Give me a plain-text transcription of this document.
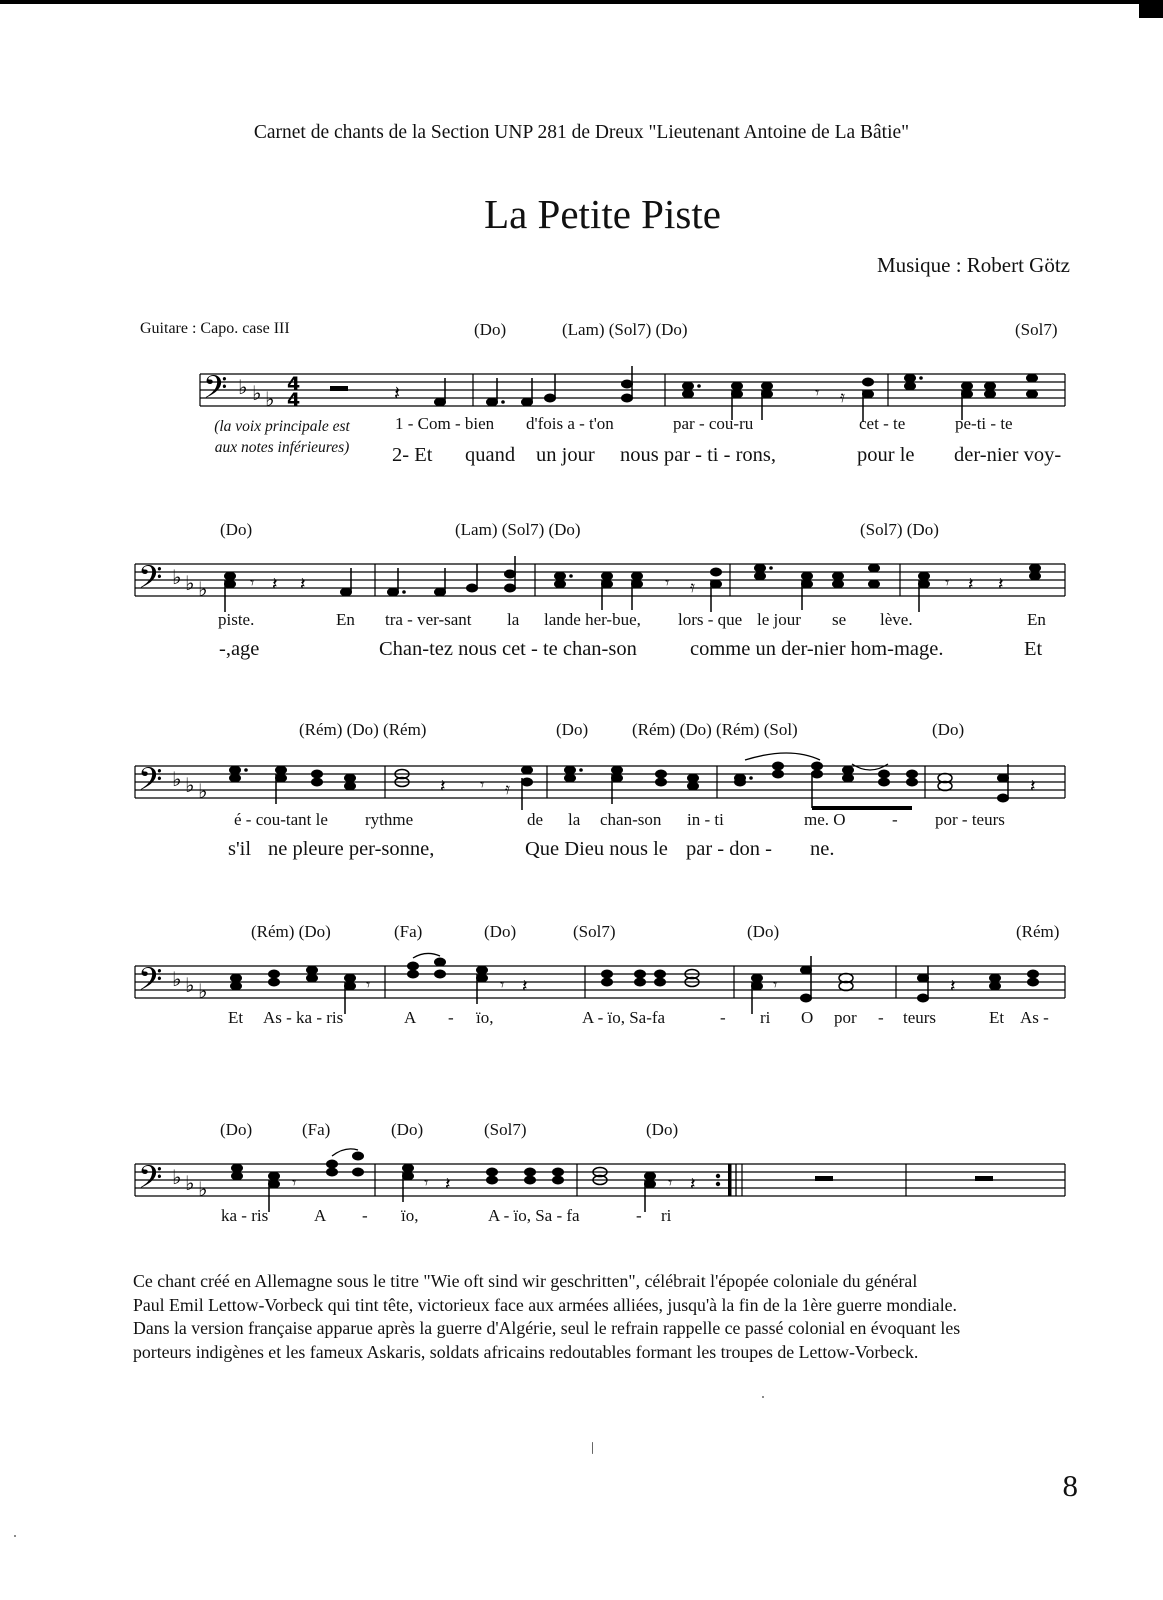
Carnet de chants de la Section UNP 281 de Dreux "Lieutenant Antoine de La Bâtie"
La Petite Piste
Musique : Robert Götz
Guitare : Capo. case III	(Do)	(Lam) (Sol7) (Do)	(Sol7)
𝄢 ♭ ♭ ♭
4
4	𝄽	𝄾 𝄿
(la voix principale est
aux notes inférieures)
1 - Com - bien d'fois a - t'on	par - cou-ru	cet - te	pe-ti - te
2- Et quand un jour nous par - ti - rons,	pour le der-nier voy-
(Do)	(Lam) (Sol7) (Do)	(Sol7) (Do)
𝄢 ♭ ♭ ♭	𝄾 𝄽 𝄽	𝄾 𝄿	𝄾 𝄽 𝄽
piste.	En tra - ver-sant la lande her-bue, lors - que le jour se lève.	En
-,age	Chan-tez nous cet - te chan-son	comme un der-nier hom-mage.	Et
(Rém) (Do) (Rém)	(Do)	(Rém) (Do) (Rém) (Sol)	(Do)
𝄢 ♭ ♭ ♭	𝄽 𝄾 𝄿	𝄽
é - cou-tant le rythme	de la chan-son in - ti	me. O	- por - teurs
s'il ne pleure per-sonne,	Que Dieu nous le par - don - ne.
(Rém) (Do)	(Fa)	(Do)	(Sol7)	(Do)	(Rém)
𝄢 ♭ ♭ ♭	𝄾	𝄾 𝄽	𝄾	𝄽
Et As - ka - ris	A - ïo,	A - ïo, Sa-fa	- ri O por - teurs	Et As -
(Do)	(Fa)	(Do)	(Sol7)	(Do)
𝄢 ♭ ♭ ♭	𝄾	𝄾 𝄽	𝄾 𝄽
ka - ris	A - ïo,	A - ïo, Sa - fa	- ri
Ce chant créé en Allemagne sous le titre "Wie oft sind wir geschritten", célébrait l'épopée coloniale du général
Paul Emil Lettow-Vorbeck qui tint tête, victorieux face aux armées alliées, jusqu'à la fin de la 1ère guerre mondiale.
Dans la version française apparue après la guerre d'Algérie, seul le refrain rappelle ce passé colonial en évoquant les
porteurs indigènes et les fameux Askaris, soldats africains redoutables formant les troupes de Lettow-Vorbeck.
8
